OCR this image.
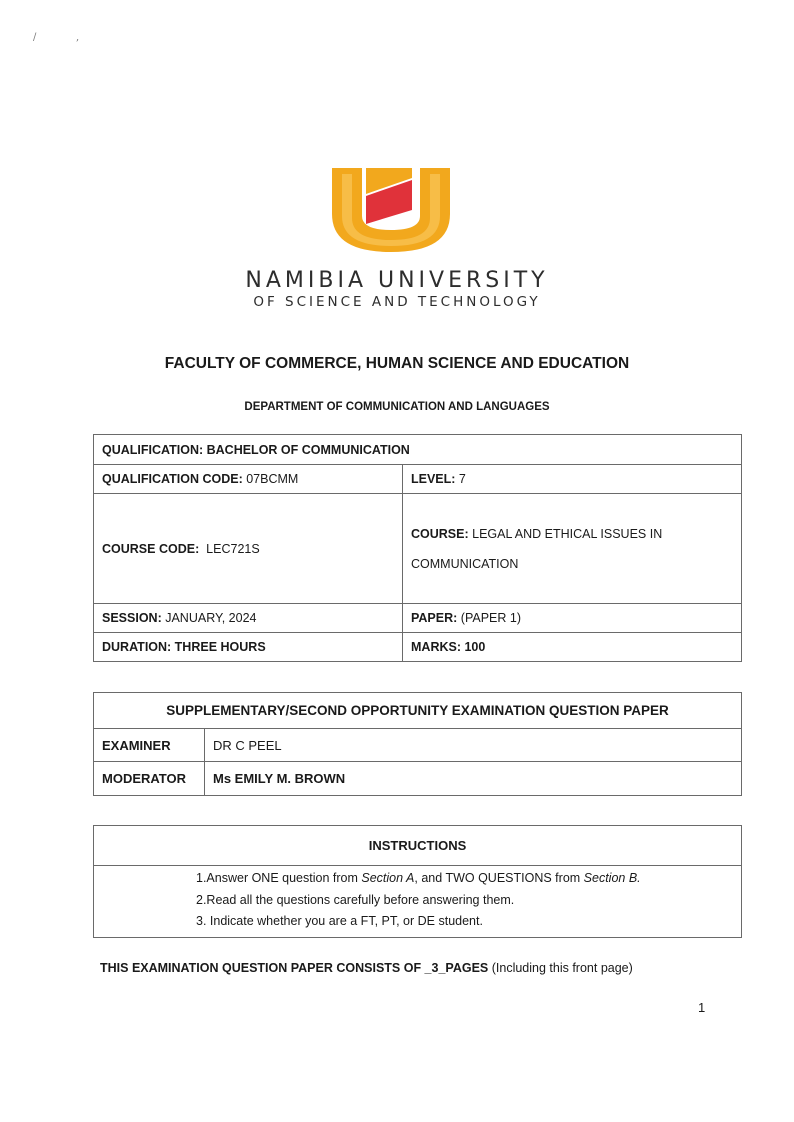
/	,
NAMIBIA UNIVERSITY
OF SCIENCE AND TECHNOLOGY
FACULTY OF COMMERCE, HUMAN SCIENCE AND EDUCATION
DEPARTMENT OF COMMUNICATION AND LANGUAGES
QUALIFICATION: BACHELOR OF COMMUNICATION	
QUALIFICATION CODE: 07BCMM	LEVEL: 7
COURSE CODE:  LEC721S	COURSE: LEGAL AND ETHICAL ISSUES IN
COMMUNICATION
SESSION: JANUARY, 2024	PAPER: (PAPER 1)
DURATION: THREE HOURS	MARKS: 100
SUPPLEMENTARY/SECOND OPPORTUNITY EXAMINATION QUESTION PAPER	
EXAMINER	DR C PEEL
MODERATOR	Ms EMILY M. BROWN
INSTRUCTIONS

1.Answer ONE question from Section A, and TWO QUESTIONS from Section B.
2.Read all the questions carefully before answering them.
3. Indicate whether you are a FT, PT, or DE student.
THIS EXAMINATION QUESTION PAPER CONSISTS OF _3_PAGES (Including this front page)
1
